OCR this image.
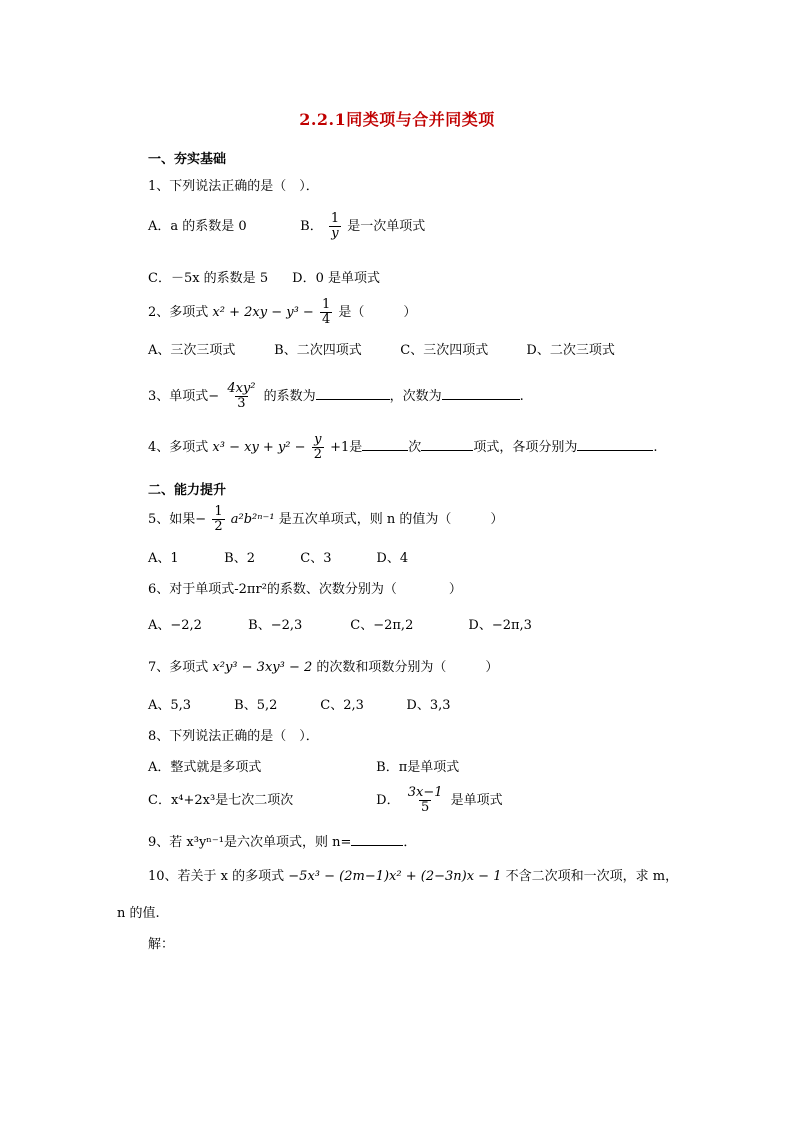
2.2.1同类项与合并同类项
一、夯实基础
1、下列说法正确的是（　）．
A．a 的系数是 0	B． $\frac{1}{y}$ 是一次单项式
C．－5x 的系数是 5 D．0 是单项式
2、多项式 $x^2 + 2xy - y^3 - \frac{1}{4}$ 是（　　　）
A、三次三项式	B、二次四项式	C、三次四项式	D、二次三项式
3、单项式− $\frac{\text{4xy²}}{3}$ 的系数为	，次数为	.
4、多项式 x³ − xy + $y^2 - \frac{y}{2} +1$是	次	项式，各项分别为	.
二、能力提升
5、如果− $\frac{1}{2} a^2b^{2n-1}$ 是五次单项式，则 n 的值为（　　　）
A、1	B、2	C、3	D、4
6、对于单项式-2πr²的系数、次数分别为（　　　　）
A、−2,2	B、−2,3	C、−2π,2	D、−2π,3
7、多项式 x²y³ − 3xy³ − 2 的次数和项数分别为（　　　）
A、5,3	B、5,2	C、2,3	D、3,3
8、下列说法正确的是（　）．
A．整式就是多项式	B．π是单项式
C．x⁴+2x³是七次二项次	D． $\frac{3x-1}{5}$ 是单项式
9、若 x³yⁿ⁻¹是六次单项式，则 n=	．
10、若关于 x 的多项式 −5x³ − (2m−1)x² + (2−3n)x − 1 不含二次项和一次项，求 m，
n 的值.
解：
